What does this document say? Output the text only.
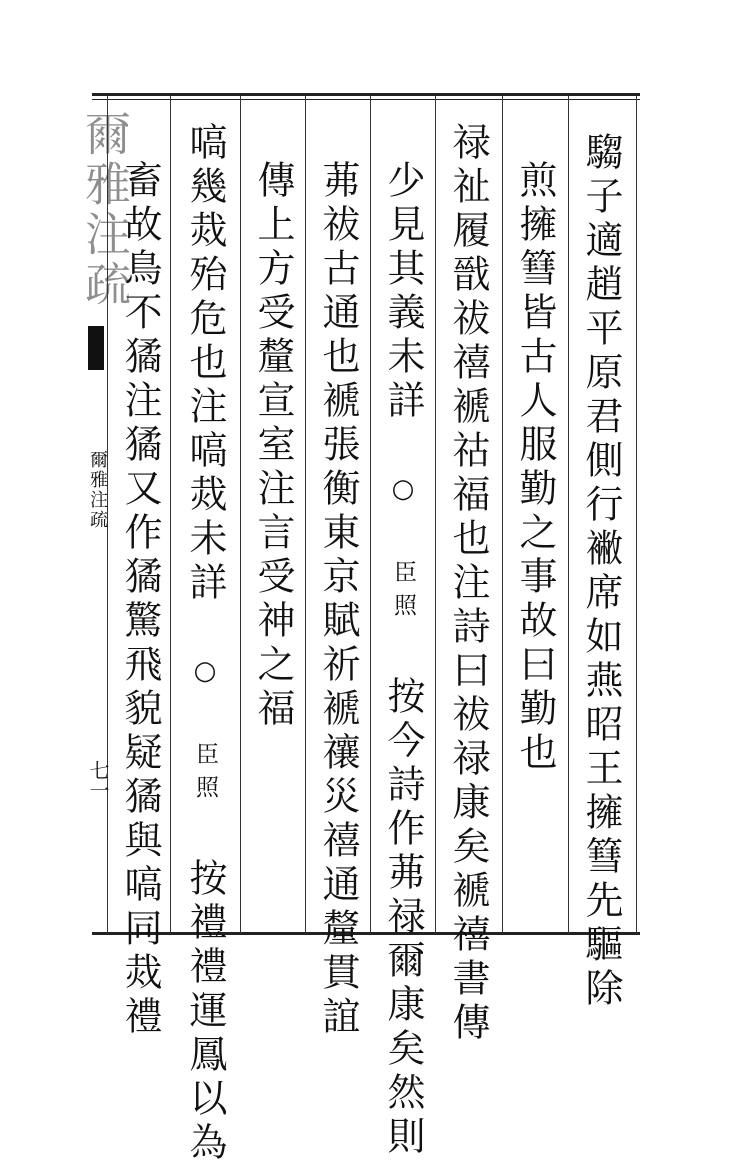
爾雅注疏
爾雅注疏
七一	騶子適趙平原君側行襒席如燕昭王擁篲先驅除
煎擁篲皆古人服勤之事故曰勤也
禄祉履戩祓禧褫祜福也注詩曰祓禄康矣褫禧書傳
少見其義未詳 ○ 臣照 按今詩作茀禄爾康矣然則
茀祓古通也褫張衡東京賦祈褫禳災禧通釐貫誼
傳上方受釐宣室注言受神之福
嗃幾烖殆危也注嗃烖未詳 ○ 臣照 按禮禮運鳳以為
畜故鳥不獝注獝又作獝驚飛貌疑獝與嗃同烖禮
